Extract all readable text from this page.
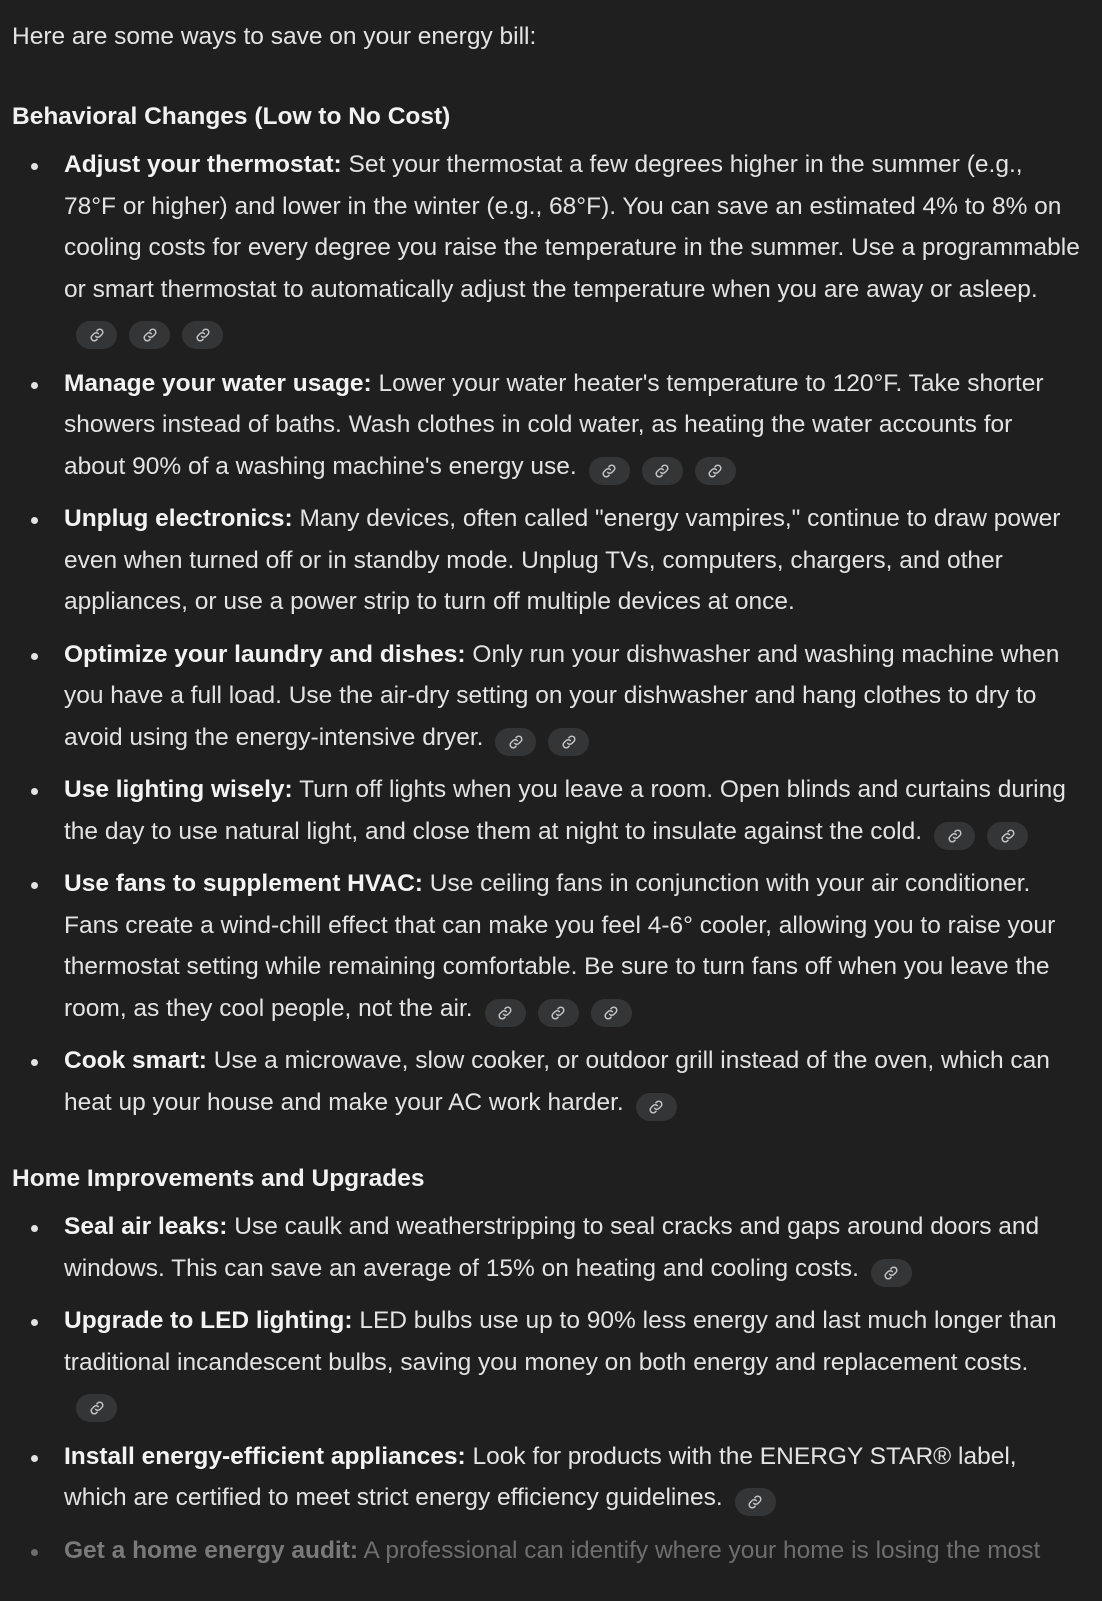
Here are some ways to save on your energy bill:

Behavioral Changes (Low to No Cost)
Adjust your thermostat: Set your thermostat a few degrees higher in the summer (e.g., 78°F or higher) and lower in the winter (e.g., 68°F). You can save an estimated 4% to 8% on cooling costs for every degree you raise the temperature in the summer. Use a programmable or smart thermostat to automatically adjust the temperature when you are away or asleep.
Manage your water usage: Lower your water heater's temperature to 120°F. Take shorter showers instead of baths. Wash clothes in cold water, as heating the water accounts for about 90% of a washing machine's energy use.
Unplug electronics: Many devices, often called "energy vampires," continue to draw power even when turned off or in standby mode. Unplug TVs, computers, chargers, and other appliances, or use a power strip to turn off multiple devices at once.
Optimize your laundry and dishes: Only run your dishwasher and washing machine when you have a full load. Use the air-dry setting on your dishwasher and hang clothes to dry to avoid using the energy-intensive dryer.
Use lighting wisely: Turn off lights when you leave a room. Open blinds and curtains during the day to use natural light, and close them at night to insulate against the cold.
Use fans to supplement HVAC: Use ceiling fans in conjunction with your air conditioner. Fans create a wind-chill effect that can make you feel 4-6° cooler, allowing you to raise your thermostat setting while remaining comfortable. Be sure to turn fans off when you leave the room, as they cool people, not the air.
Cook smart: Use a microwave, slow cooker, or outdoor grill instead of the oven, which can heat up your house and make your AC work harder.
Home Improvements and Upgrades
Seal air leaks: Use caulk and weatherstripping to seal cracks and gaps around doors and windows. This can save an average of 15% on heating and cooling costs.
Upgrade to LED lighting: LED bulbs use up to 90% less energy and last much longer than traditional incandescent bulbs, saving you money on both energy and replacement costs.
Install energy-efficient appliances: Look for products with the ENERGY STAR® label, which are certified to meet strict energy efficiency guidelines.
Get a home energy audit: A professional can identify where your home is losing the most
